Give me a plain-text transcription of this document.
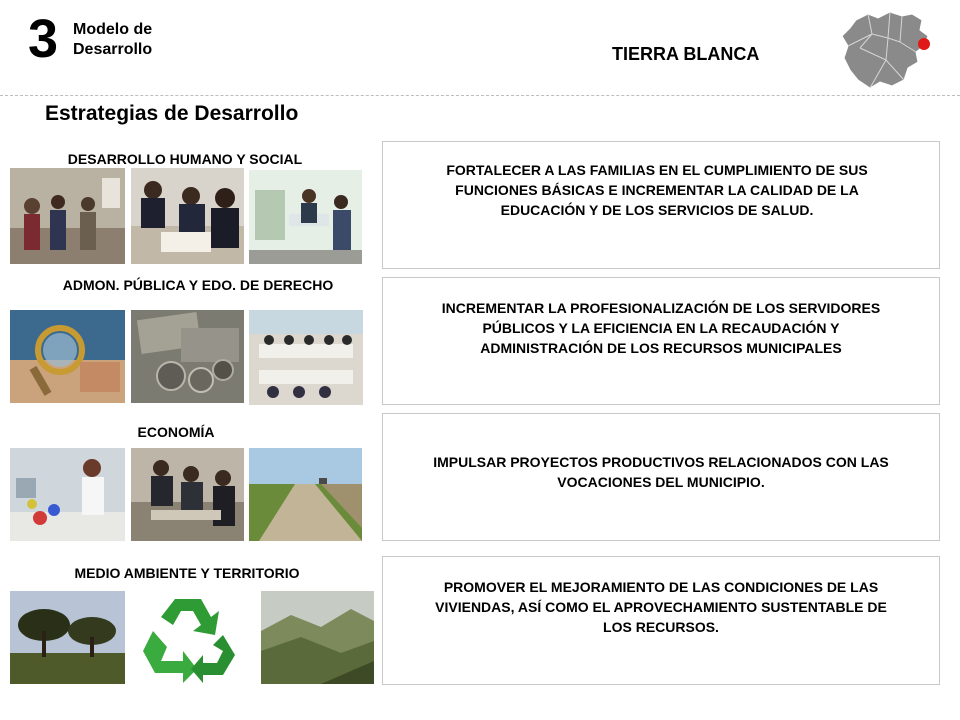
3 Modelo de
Desarrollo	TIERRA BLANCA
Estrategias de Desarrollo
DESARROLLO HUMANO Y SOCIAL
FORTALECER A LAS FAMILIAS EN EL CUMPLIMIENTO DE SUS FUNCIONES BÁSICAS E INCREMENTAR LA CALIDAD DE LA EDUCACIÓN Y DE LOS SERVICIOS DE SALUD.
ADMON. PÚBLICA Y EDO. DE DERECHO
INCREMENTAR LA PROFESIONALIZACIÓN DE LOS SERVIDORES PÚBLICOS Y LA EFICIENCIA EN LA RECAUDACIÓN Y ADMINISTRACIÓN DE LOS RECURSOS MUNICIPALES
ECONOMÍA
IMPULSAR PROYECTOS PRODUCTIVOS RELACIONADOS CON LAS VOCACIONES DEL MUNICIPIO.
MEDIO AMBIENTE Y TERRITORIO
PROMOVER EL MEJORAMIENTO DE LAS CONDICIONES DE LAS VIVIENDAS, ASÍ COMO EL APROVECHAMIENTO SUSTENTABLE DE LOS RECURSOS.
